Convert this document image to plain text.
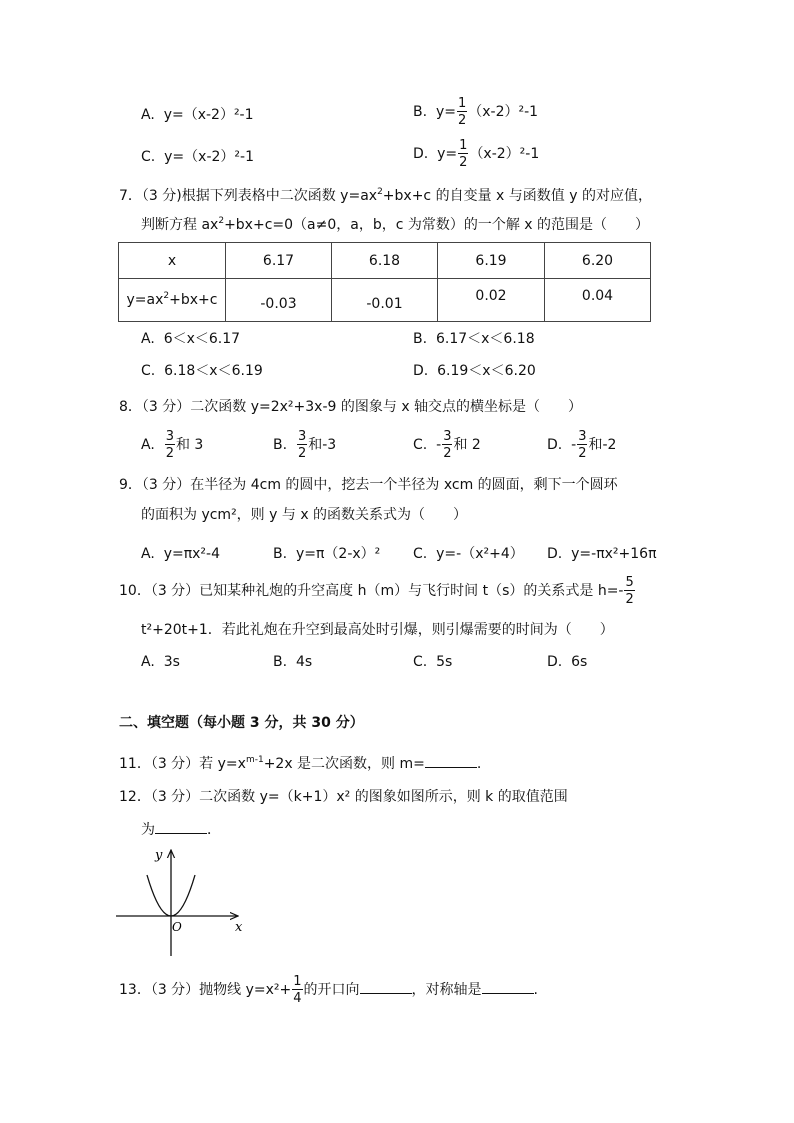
A. y=（x-2）²-1	B. $y= \frac{1}{2} (x-2)^2-1$
C. y=（x-2）²-1	D. $y= \frac{1}{2} (x-2)^2-1$
7．（3 分)根据下列表格中二次函数 $y=ax^2+bx+c$ 的自变量 x 与函数值 y 的对应值，
判断方程 $ax^2+bx+c=0(a\ne 0$，a，b，c 为常数）的一个解 x 的范围是（　　）
x	6.17	6.18	6.19	6.20
$y=ax^2+bx+c$	-0.03	-0.01	0.02	0.04
A. 6＜x＜6.17	B. 6.17＜x＜6.18
C. 6.18＜x＜6.19	D. 6.19＜x＜6.20
8．（3 分）二次函数 y=2x²+3x-9 的图象与 x 轴交点的横坐标是（　　）
A. $\frac{3}{2}$ 和 3	B. $\frac{3}{2}$ 和-3	C. - $\frac{3}{2}$ 和 2	D. - $\frac{3}{2}$ 和-2
9．（3 分）在半径为 4cm 的圆中，挖去一个半径为 xcm 的圆面，剩下一个圆环
的面积为 ycm²，则 y 与 x 的函数关系式为（　　）
A. y=πx²-4	B. y=π（2-x）² C. y=-（x²+4） D. y=-πx²+16π
10．（3 分）已知某种礼炮的升空高度 h（m）与飞行时间 t（s）的关系式是 $h=- \frac{5}{2}$
t²+20t+1．若此礼炮在升空到最高处时引爆，则引爆需要的时间为（　　）
A. 3s	B. 4s	C. 5s	D. 6s
二、填空题（每小题 3 分，共 30 分）
11．（3 分）若 $y=x^{m-1}+2x$ 是二次函数，则 m=	.
12．（3 分）二次函数 y=（k+1）x² 的图象如图所示，则 k 的取值范围
为	．
y
x
O
13．（3 分）抛物线 $y=x^2+ \frac{1}{4}$ 的开口向	，对称轴是	.
